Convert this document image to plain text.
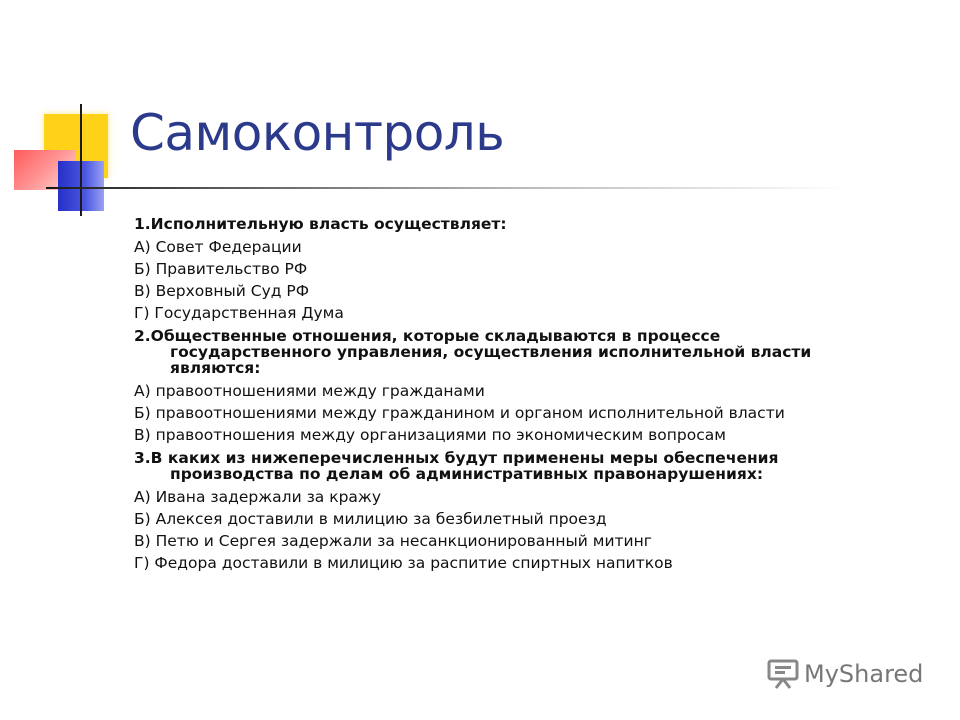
Самоконтроль
1.Исполнительную власть осуществляет:
А) Совет Федерации
Б) Правительство РФ
В) Верховный Суд РФ
Г) Государственная Дума
2.Общественные отношения, которые складываются в процессе государственного управления, осуществления исполнительной власти являются:
А) правоотношениями между гражданами
Б) правоотношениями между гражданином и органом исполнительной власти
В) правоотношения между организациями по экономическим вопросам
3.В каких из нижеперечисленных будут применены меры обеспечения производства по делам об административных правонарушениях:
А) Ивана задержали за кражу
Б) Алексея доставили в милицию за безбилетный проезд
В) Петю и Сергея задержали за несанкционированный митинг
Г) Федора доставили в милицию за распитие спиртных напитков
MyShared
